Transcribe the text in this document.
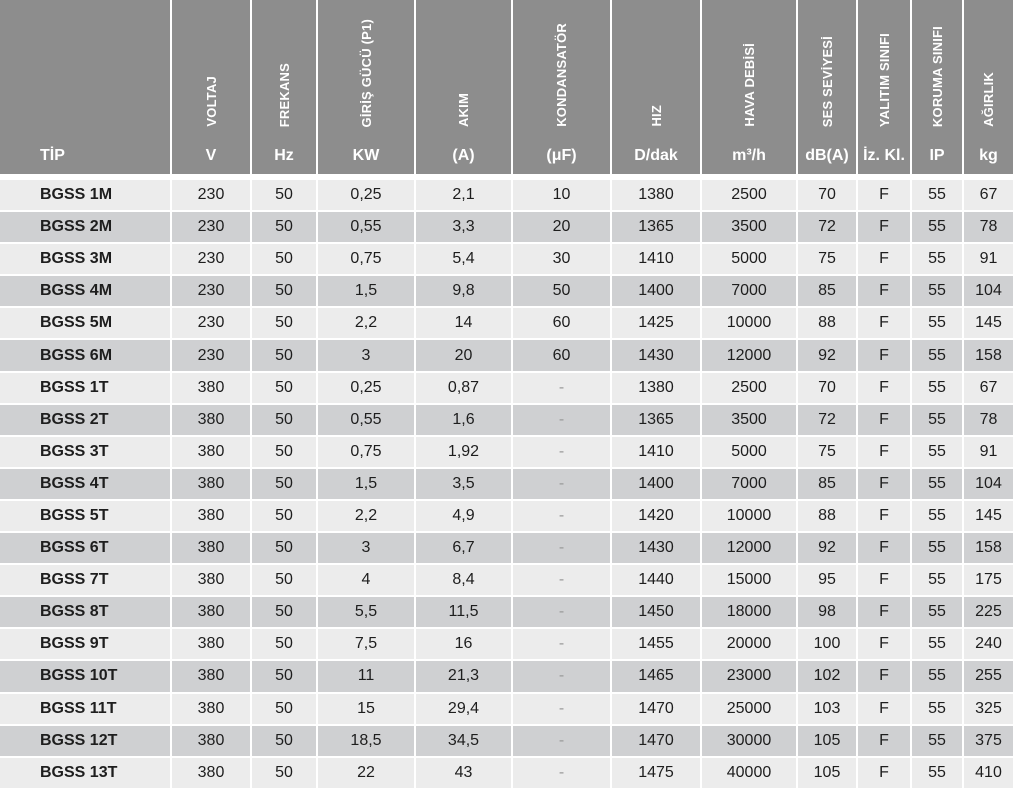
	VOLTAJ	FREKANS	GİRİŞ GÜCÜ (P1)	AKIM	KONDANSATÖR	HIZ	HAVA DEBİSİ	SES SEVİYESİ	YALITIM SINIFI	KORUMA SINIFI	AĞIRLIK
TİP	V	Hz	KW	(A)	(μF)	D/dak	m³/h	dB(A)	İz. Kl.	IP	kg

BGSS 1M	230	50	0,25	2,1	10	1380	2500	70	F	55	67
BGSS 2M	230	50	0,55	3,3	20	1365	3500	72	F	55	78
BGSS 3M	230	50	0,75	5,4	30	1410	5000	75	F	55	91
BGSS 4M	230	50	1,5	9,8	50	1400	7000	85	F	55	104
BGSS 5M	230	50	2,2	14	60	1425	10000	88	F	55	145
BGSS 6M	230	50	3	20	60	1430	12000	92	F	55	158
BGSS 1T	380	50	0,25	0,87	-	1380	2500	70	F	55	67
BGSS 2T	380	50	0,55	1,6	-	1365	3500	72	F	55	78
BGSS 3T	380	50	0,75	1,92	-	1410	5000	75	F	55	91
BGSS 4T	380	50	1,5	3,5	-	1400	7000	85	F	55	104
BGSS 5T	380	50	2,2	4,9	-	1420	10000	88	F	55	145
BGSS 6T	380	50	3	6,7	-	1430	12000	92	F	55	158
BGSS 7T	380	50	4	8,4	-	1440	15000	95	F	55	175
BGSS 8T	380	50	5,5	11,5	-	1450	18000	98	F	55	225
BGSS 9T	380	50	7,5	16	-	1455	20000	100	F	55	240
BGSS 10T	380	50	11	21,3	-	1465	23000	102	F	55	255
BGSS 11T	380	50	15	29,4	-	1470	25000	103	F	55	325
BGSS 12T	380	50	18,5	34,5	-	1470	30000	105	F	55	375
BGSS 13T	380	50	22	43	-	1475	40000	105	F	55	410
